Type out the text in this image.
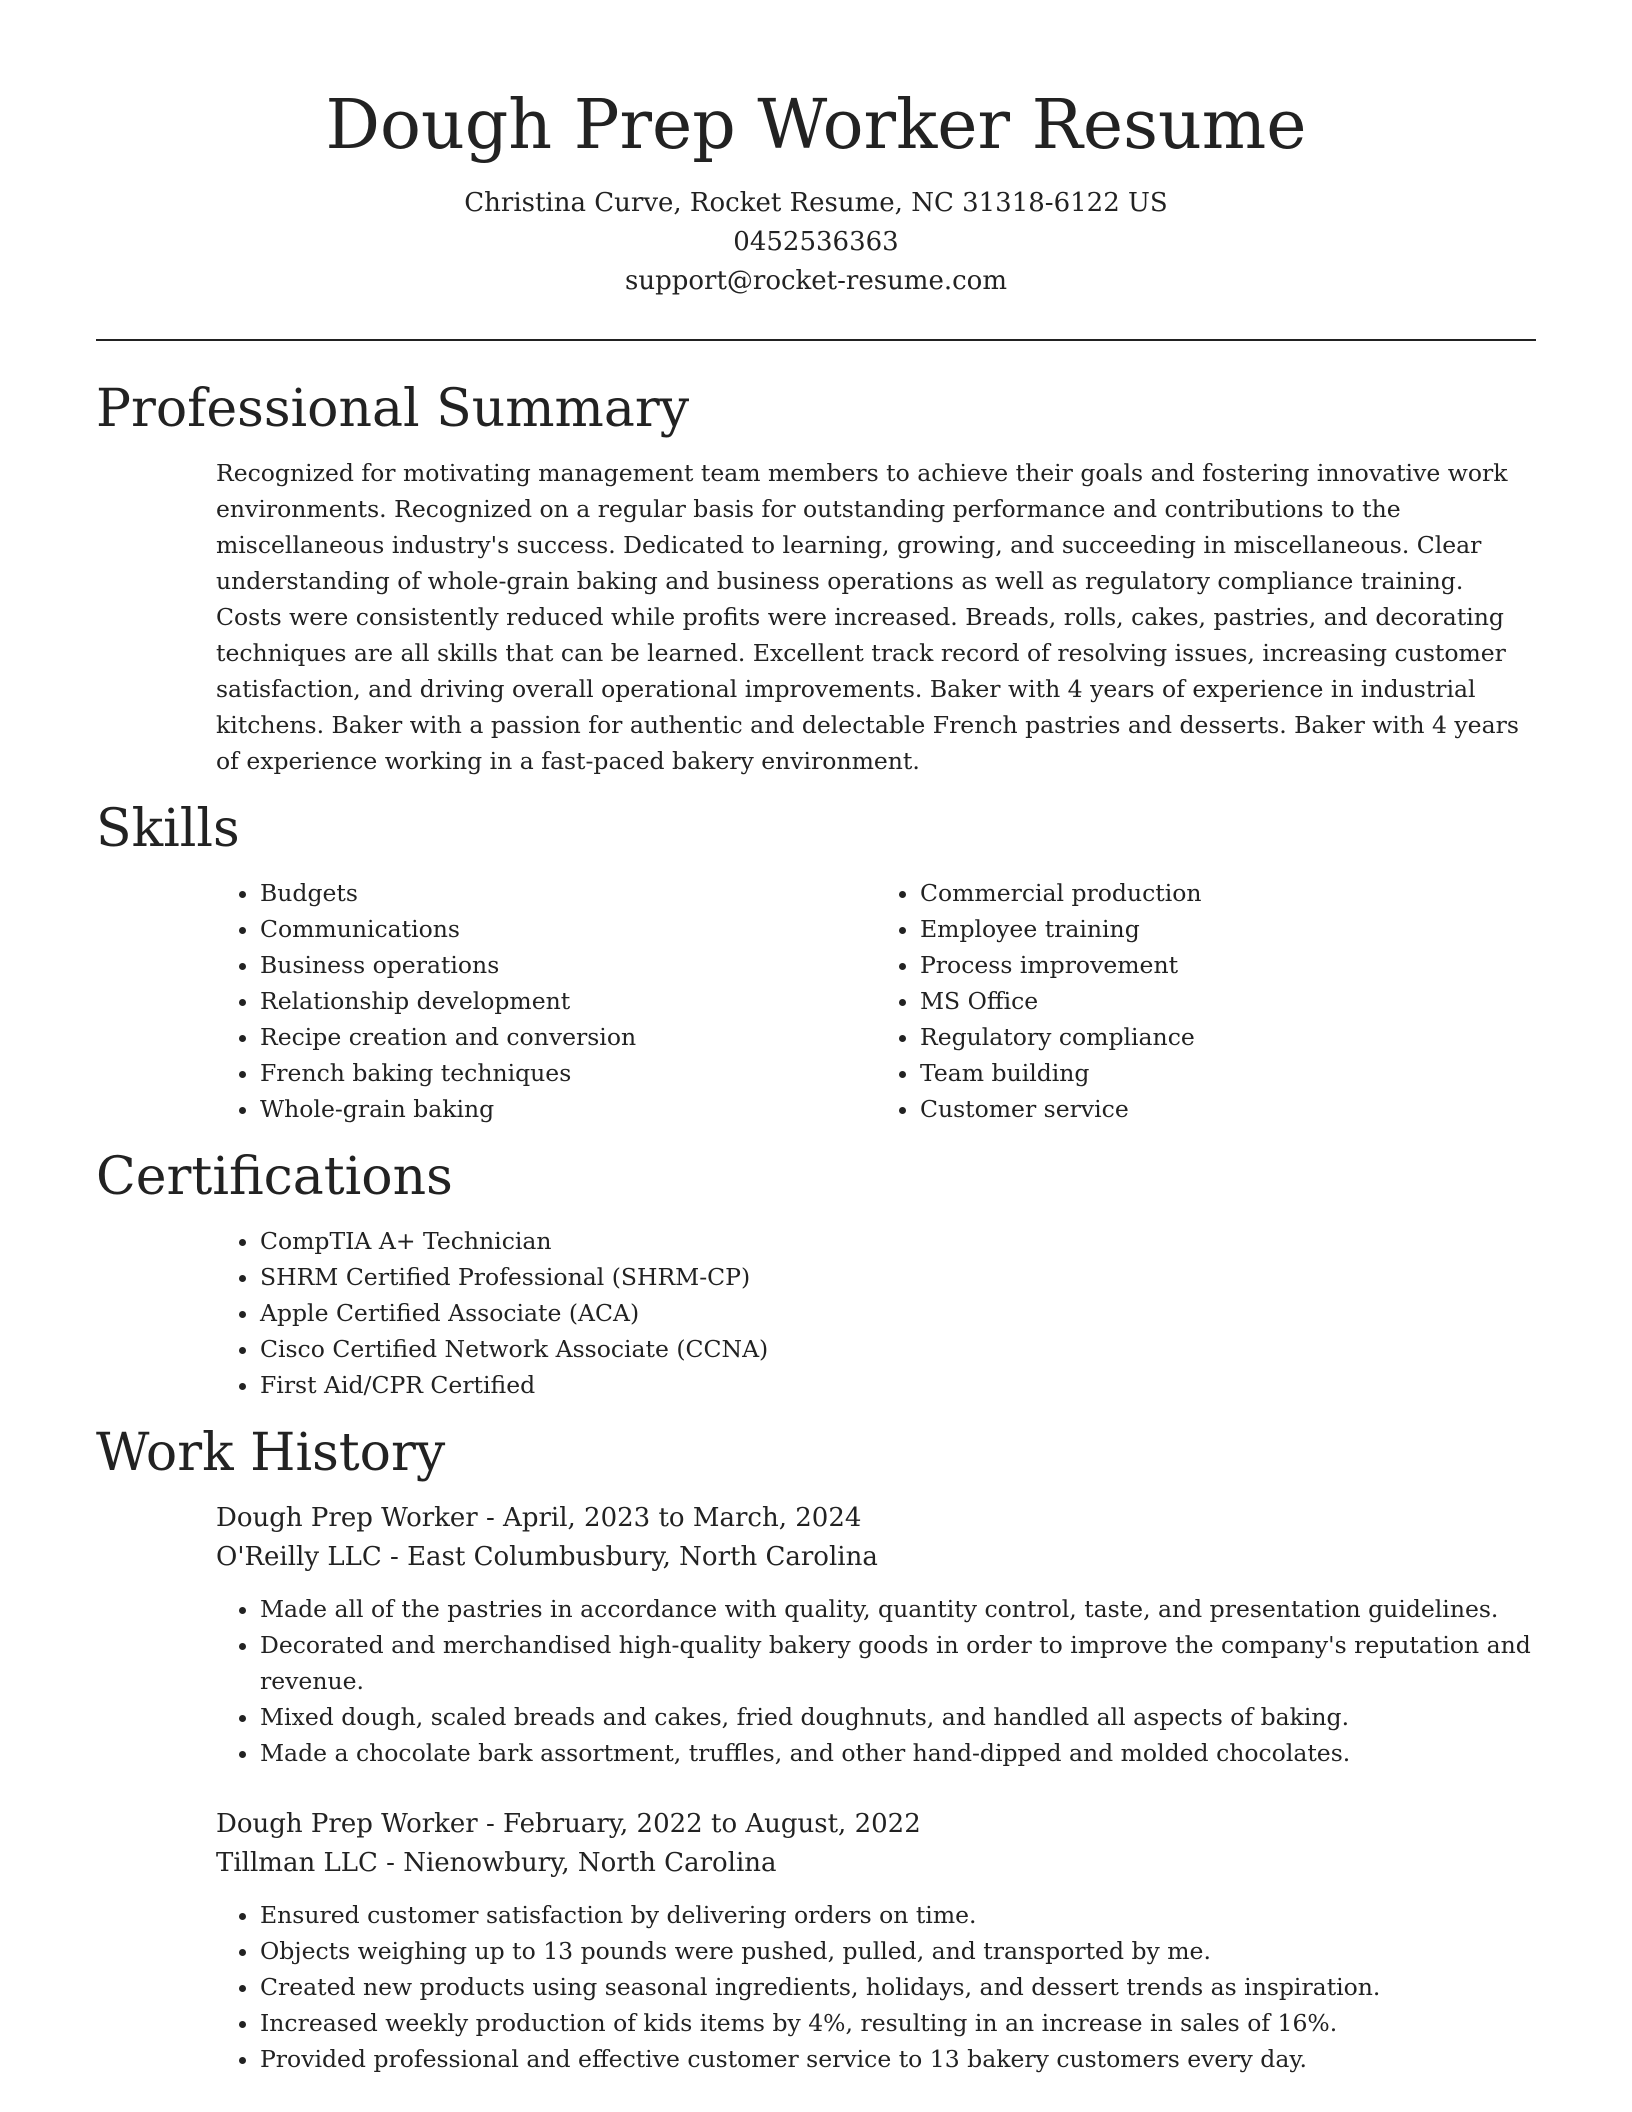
Dough Prep Worker Resume

Christina Curve, Rocket Resume, NC 31318-6122 US

0452536363

support@rocket-resume.com

Professional Summary

Recognized for motivating management team members to achieve their goals and fostering innovative work environments. Recognized on a regular basis for outstanding performance and contributions to the miscellaneous industry's success. Dedicated to learning, growing, and succeeding in miscellaneous. Clear understanding of whole-grain baking and business operations as well as regulatory compliance training. Costs were consistently reduced while profits were increased. Breads, rolls, cakes, pastries, and decorating techniques are all skills that can be learned. Excellent track record of resolving issues, increasing customer satisfaction, and driving overall operational improvements. Baker with 4 years of experience in industrial kitchens. Baker with a passion for authentic and delectable French pastries and desserts. Baker with 4 years of experience working in a fast-paced bakery environment.

Skills
• Budgets
• Communications
• Business operations
• Relationship development
• Recipe creation and conversion
• French baking techniques
• Whole-grain baking
• Commercial production
• Employee training
• Process improvement
• MS Office
• Regulatory compliance
• Team building
• Customer service
Certifications
• CompTIA A+ Technician
• SHRM Certified Professional (SHRM-CP)
• Apple Certified Associate (ACA)
• Cisco Certified Network Associate (CCNA)
• First Aid/CPR Certified
Work History

Dough Prep Worker - April, 2023 to March, 2024

O'Reilly LLC - East Columbusbury, North Carolina

• Made all of the pastries in accordance with quality, quantity control, taste, and presentation guidelines.
• Decorated and merchandised high-quality bakery goods in order to improve the company's reputation and revenue.
• Mixed dough, scaled breads and cakes, fried doughnuts, and handled all aspects of baking.
• Made a chocolate bark assortment, truffles, and other hand-dipped and molded chocolates.

Dough Prep Worker - February, 2022 to August, 2022

Tillman LLC - Nienowbury, North Carolina

• Ensured customer satisfaction by delivering orders on time.
• Objects weighing up to 13 pounds were pushed, pulled, and transported by me.
• Created new products using seasonal ingredients, holidays, and dessert trends as inspiration.
• Increased weekly production of kids items by 4%, resulting in an increase in sales of 16%.
• Provided professional and effective customer service to 13 bakery customers every day.
